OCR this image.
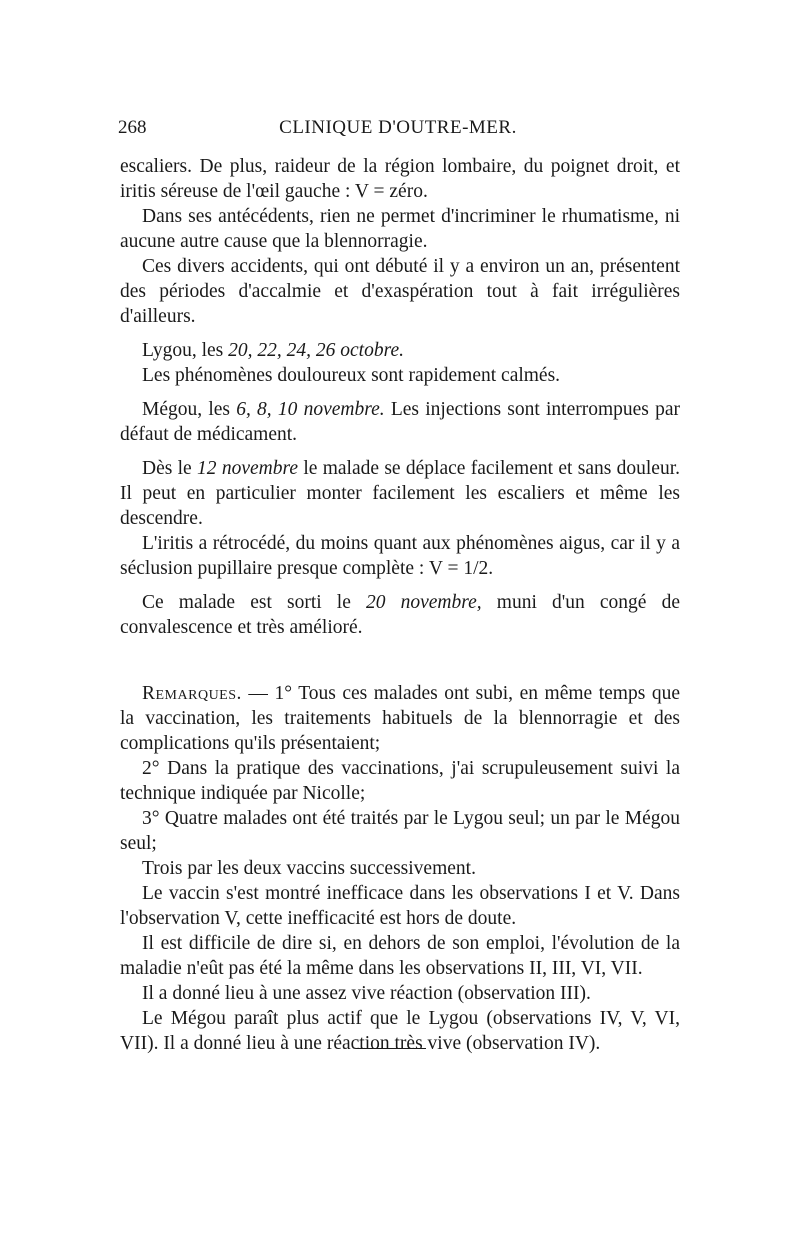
268	CLINIQUE D'OUTRE-MER.

escaliers. De plus, raideur de la région lombaire, du poignet droit, et iritis séreuse de l'œil gauche : V = zéro.

Dans ses antécédents, rien ne permet d'incriminer le rhumatisme, ni aucune autre cause que la blennorragie.

Ces divers accidents, qui ont débuté il y a environ un an, présentent des périodes d'accalmie et d'exaspération tout à fait irrégulières d'ailleurs.

Lygou, les 20, 22, 24, 26 octobre.

Les phénomènes douloureux sont rapidement calmés.

Mégou, les 6, 8, 10 novembre. Les injections sont interrompues par défaut de médicament.

Dès le 12 novembre le malade se déplace facilement et sans douleur. Il peut en particulier monter facilement les escaliers et même les descendre.

L'iritis a rétrocédé, du moins quant aux phénomènes aigus, car il y a séclusion pupillaire presque complète : V = 1/2.

Ce malade est sorti le 20 novembre, muni d'un congé de convalescence et très amélioré.

Remarques. — 1° Tous ces malades ont subi, en même temps que la vaccination, les traitements habituels de la blennorragie et des complications qu'ils présentaient;

2° Dans la pratique des vaccinations, j'ai scrupuleusement suivi la technique indiquée par Nicolle;

3° Quatre malades ont été traités par le Lygou seul; un par le Mégou seul;

Trois par les deux vaccins successivement.

Le vaccin s'est montré inefficace dans les observations I et V. Dans l'observation V, cette inefficacité est hors de doute.

Il est difficile de dire si, en dehors de son emploi, l'évolution de la maladie n'eût pas été la même dans les observations II, III, VI, VII.

Il a donné lieu à une assez vive réaction (observation III).

Le Mégou paraît plus actif que le Lygou (observations IV, V, VI, VII). Il a donné lieu à une réaction très vive (observation IV).
